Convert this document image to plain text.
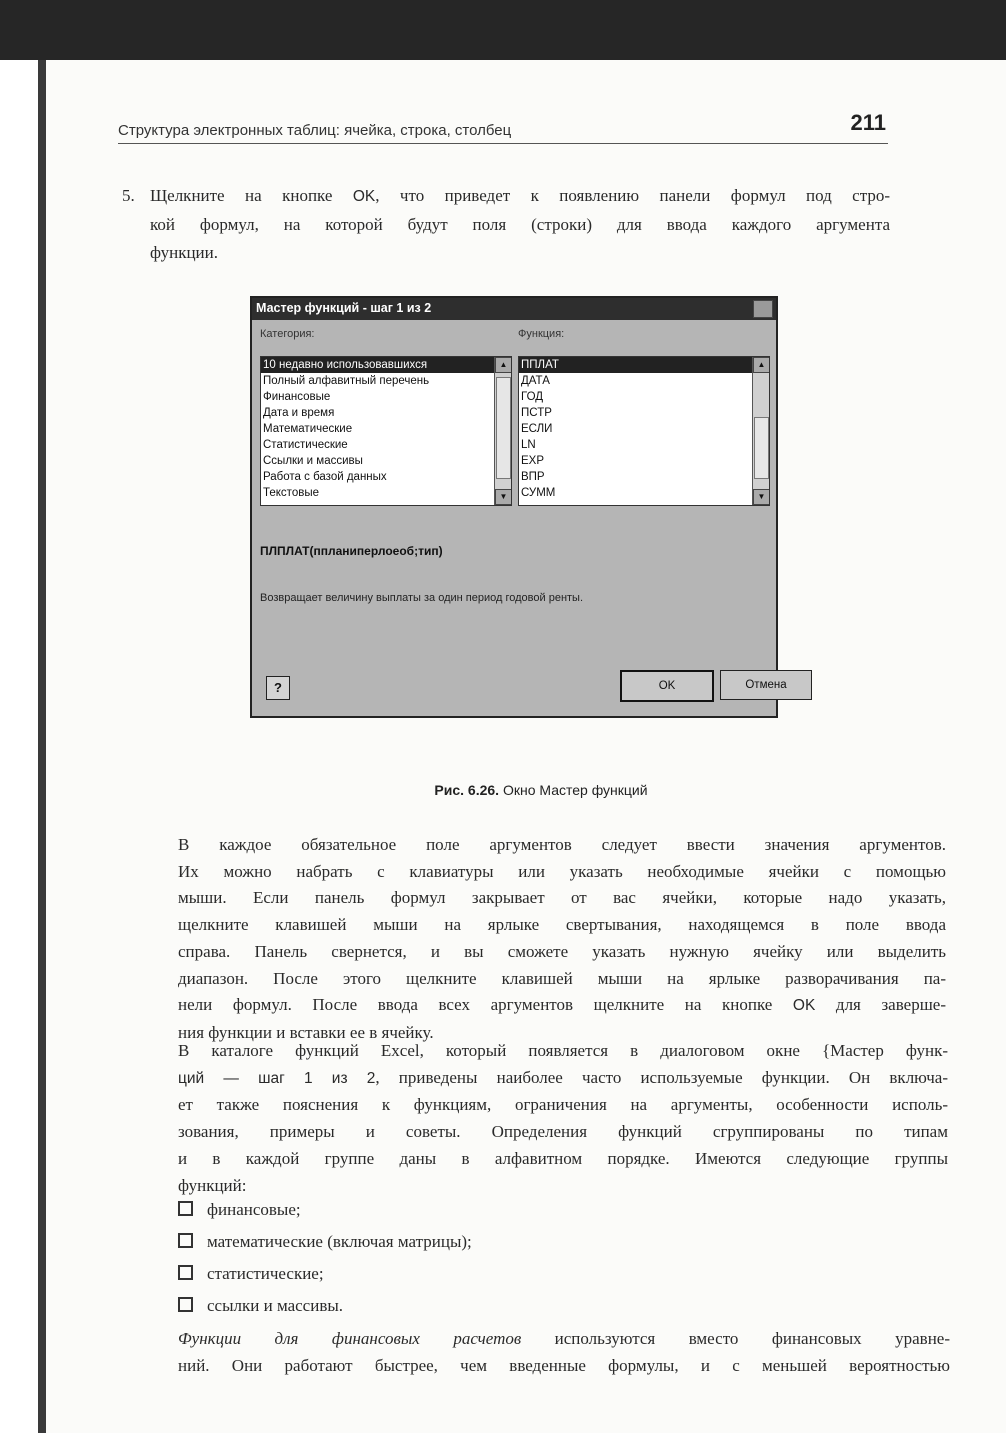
Структура электронных таблиц: ячейка, строка, столбец	211
5. Щелкните на кнопке OK, что приведет к появлению панели формул под стро-
кой формул, на которой будут поля (строки) для ввода каждого аргумента
функции.
Мастер функций - шаг 1 из 2
Категория:	Функция:
10 недавно использовавшихся
Полный алфавитный перечень
Финансовые
Дата и время
Математические
Статистические
Ссылки и массивы
Работа с базой данных
Текстовые
▲
▼
ППЛАТ
ДАТА
ГОД
ПСТР
ЕСЛИ
LN
EXP
ВПР
СУММ
▲
▼
ПЛПЛАТ(ппланиперлоеоб;тип)
Возвращает величину выплаты за один период годовой ренты.
?	OK	Отмена
Рис. 6.26. Окно Мастер функций
В каждое обязательное поле аргументов следует ввести значения аргументов.
Их можно набрать с клавиатуры или указать необходимые ячейки с помощью
мыши. Если панель формул закрывает от вас ячейки, которые надо указать,
щелкните клавишей мыши на ярлыке свертывания, находящемся в поле ввода
справа. Панель свернется, и вы сможете указать нужную ячейку или выделить
диапазон. После этого щелкните клавишей мыши на ярлыке разворачивания па-
нели формул. После ввода всех аргументов щелкните на кнопке OK для заверше-
ния функции и вставки ее в ячейку.
В каталоге функций Excel, который появляется в диалоговом окне {Мастер функ-
ций — шаг 1 из 2, приведены наиболее часто используемые функции. Он включа-
ет также пояснения к функциям, ограничения на аргументы, особенности исполь-
зования, примеры и советы. Определения функций сгруппированы по типам
и в каждой группе даны в алфавитном порядке. Имеются следующие группы
функций:
финансовые;
математические (включая матрицы);
статистические;
ссылки и массивы.
Функции для финансовых расчетов используются вместо финансовых уравне-
ний. Они работают быстрее, чем введенные формулы, и с меньшей вероятностью
